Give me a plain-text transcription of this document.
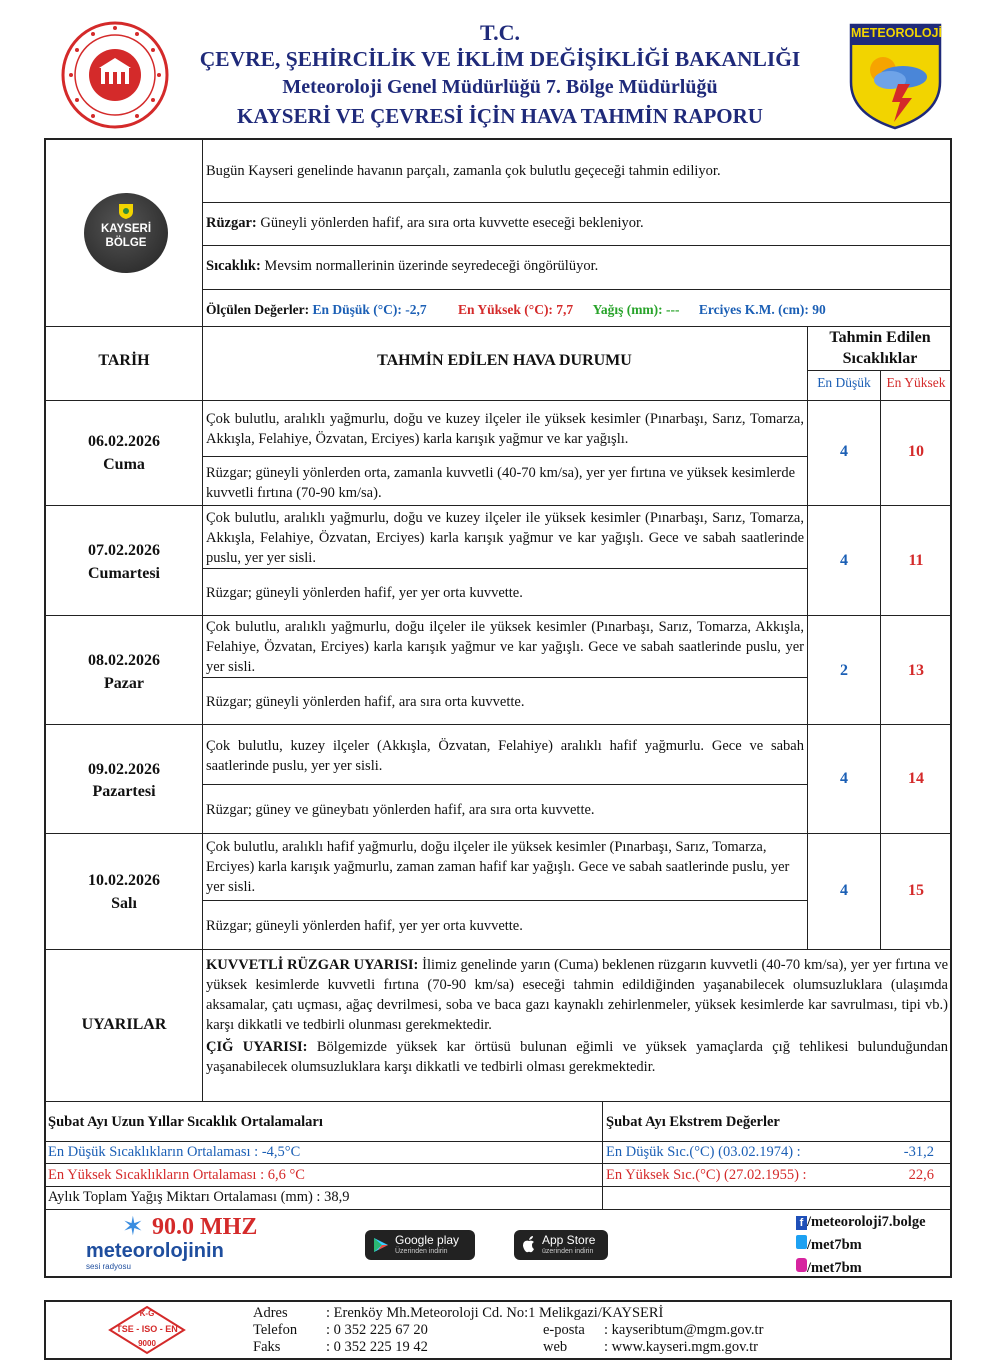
T.C.
ÇEVRE, ŞEHİRCİLİK VE İKLİM DEĞİŞİKLİĞİ BAKANLIĞI
Meteoroloji Genel Müdürlüğü 7. Bölge Müdürlüğü
KAYSERİ VE ÇEVRESİ İÇİN HAVA TAHMİN RAPORU
METEOROLOJİ
KAYSERİ
BÖLGE
Bugün Kayseri genelinde havanın parçalı, zamanla çok bulutlu geçeceği tahmin ediliyor.
Rüzgar: Güneyli yönlerden hafif, ara sıra orta kuvvette eseceği bekleniyor.
Sıcaklık: Mevsim normallerinin üzerinde seyredeceği öngörülüyor.
Ölçülen Değerler: En Düşük (°C): -2,7 En Yüksek (°C): 7,7 Yağış (mm): --- Erciyes K.M. (cm): 90
TARİH	TAHMİN EDİLEN HAVA DURUMU
Tahmin Edilen Sıcaklıklar
En Düşük	En Yüksek
06.02.2026
Cuma
Çok bulutlu, aralıklı yağmurlu, doğu ve kuzey ilçeler ile yüksek kesimler (Pınarbaşı, Sarız, Tomarza, Akkışla, Felahiye, Özvatan, Erciyes) karla karışık yağmur ve kar yağışlı.
Rüzgar; güneyli yönlerden orta, zamanla kuvvetli (40-70 km/sa), yer yer fırtına ve yüksek kesimlerde kuvvetli fırtına (70-90 km/sa).
4	10
07.02.2026
Cumartesi
Çok bulutlu, aralıklı yağmurlu, doğu ve kuzey ilçeler ile yüksek kesimler (Pınarbaşı, Sarız, Tomarza, Akkışla, Felahiye, Özvatan, Erciyes) karla karışık yağmur ve kar yağışlı. Gece ve sabah saatlerinde puslu, yer yer sisli.
Rüzgar; güneyli yönlerden hafif, yer yer orta kuvvette.
4	11
08.02.2026
Pazar
Çok bulutlu, aralıklı yağmurlu, doğu ilçeler ile yüksek kesimler (Pınarbaşı, Sarız, Tomarza, Akkışla, Felahiye, Özvatan, Erciyes) karla karışık yağmur ve kar yağışlı. Gece ve sabah saatlerinde puslu, yer yer sisli.
Rüzgar; güneyli yönlerden hafif, ara sıra orta kuvvette.
2	13
09.02.2026
Pazartesi
Çok bulutlu, kuzey ilçeler (Akkışla, Özvatan, Felahiye) aralıklı hafif yağmurlu. Gece ve sabah saatlerinde puslu, yer yer sisli.
Rüzgar; güney ve güneybatı yönlerden hafif, ara sıra orta kuvvette.
4	14
10.02.2026
Salı
Çok bulutlu, aralıklı hafif yağmurlu, doğu ilçeler ile yüksek kesimler (Pınarbaşı, Sarız, Tomarza, Erciyes) karla karışık yağmurlu, zaman zaman hafif kar yağışlı. Gece ve sabah saatlerinde puslu, yer yer sisli.
Rüzgar; güneyli yönlerden hafif, yer yer orta kuvvette.
4	15
UYARILAR
KUVVETLİ RÜZGAR UYARISI: İlimiz genelinde yarın (Cuma) beklenen rüzgarın kuvvetli (40-70 km/sa), yer yer fırtına ve yüksek kesimlerde kuvvetli fırtına (70-90 km/sa) eseceği tahmin edildiğinden yaşanabilecek olumsuzluklara (ulaşımda aksamalar, çatı uçması, ağaç devrilmesi, soba ve baca gazı kaynaklı zehirlenmeler, yüksek kesimlerde kar savrulması, tipi vb.) karşı dikkatli ve tedbirli olunması gerekmektedir.
ÇIĞ UYARISI: Bölgemizde yüksek kar örtüsü bulunan eğimli ve yüksek yamaçlarda çığ tehlikesi bulunduğundan yaşanabilecek olumsuzluklara karşı dikkatli ve tedbirli olması gerekmektedir.
Şubat Ayı Uzun Yıllar Sıcaklık Ortalamaları
En Düşük Sıcaklıkların Ortalaması : -4,5°C
En Yüksek Sıcaklıkların Ortalaması : 6,6 °C
Aylık Toplam Yağış Miktarı Ortalaması (mm) : 38,9
Şubat Ayı Ekstrem Değerler
En Düşük Sıc.(°C) (03.02.1974) :	-31,2
En Yüksek Sıc.(°C) (27.02.1955) :	22,6
✶ 90.0 MHZ
meteorolojinin
sesi radyosu
Google play
Üzerinden indirin
App Store
üzerinden indirin
f /meteoroloji7.bolge
/met7bm
/met7bm
K-G
TSE - ISO - EN
9000
Adres	: Erenköy Mh.Meteoroloji Cd. No:1 Melikgazi/KAYSERİ
Telefon : 0 352 225 67 20
Faks	: 0 352 225 19 42
e-posta : kayseribtum@mgm.gov.tr
web	: www.kayseri.mgm.gov.tr
